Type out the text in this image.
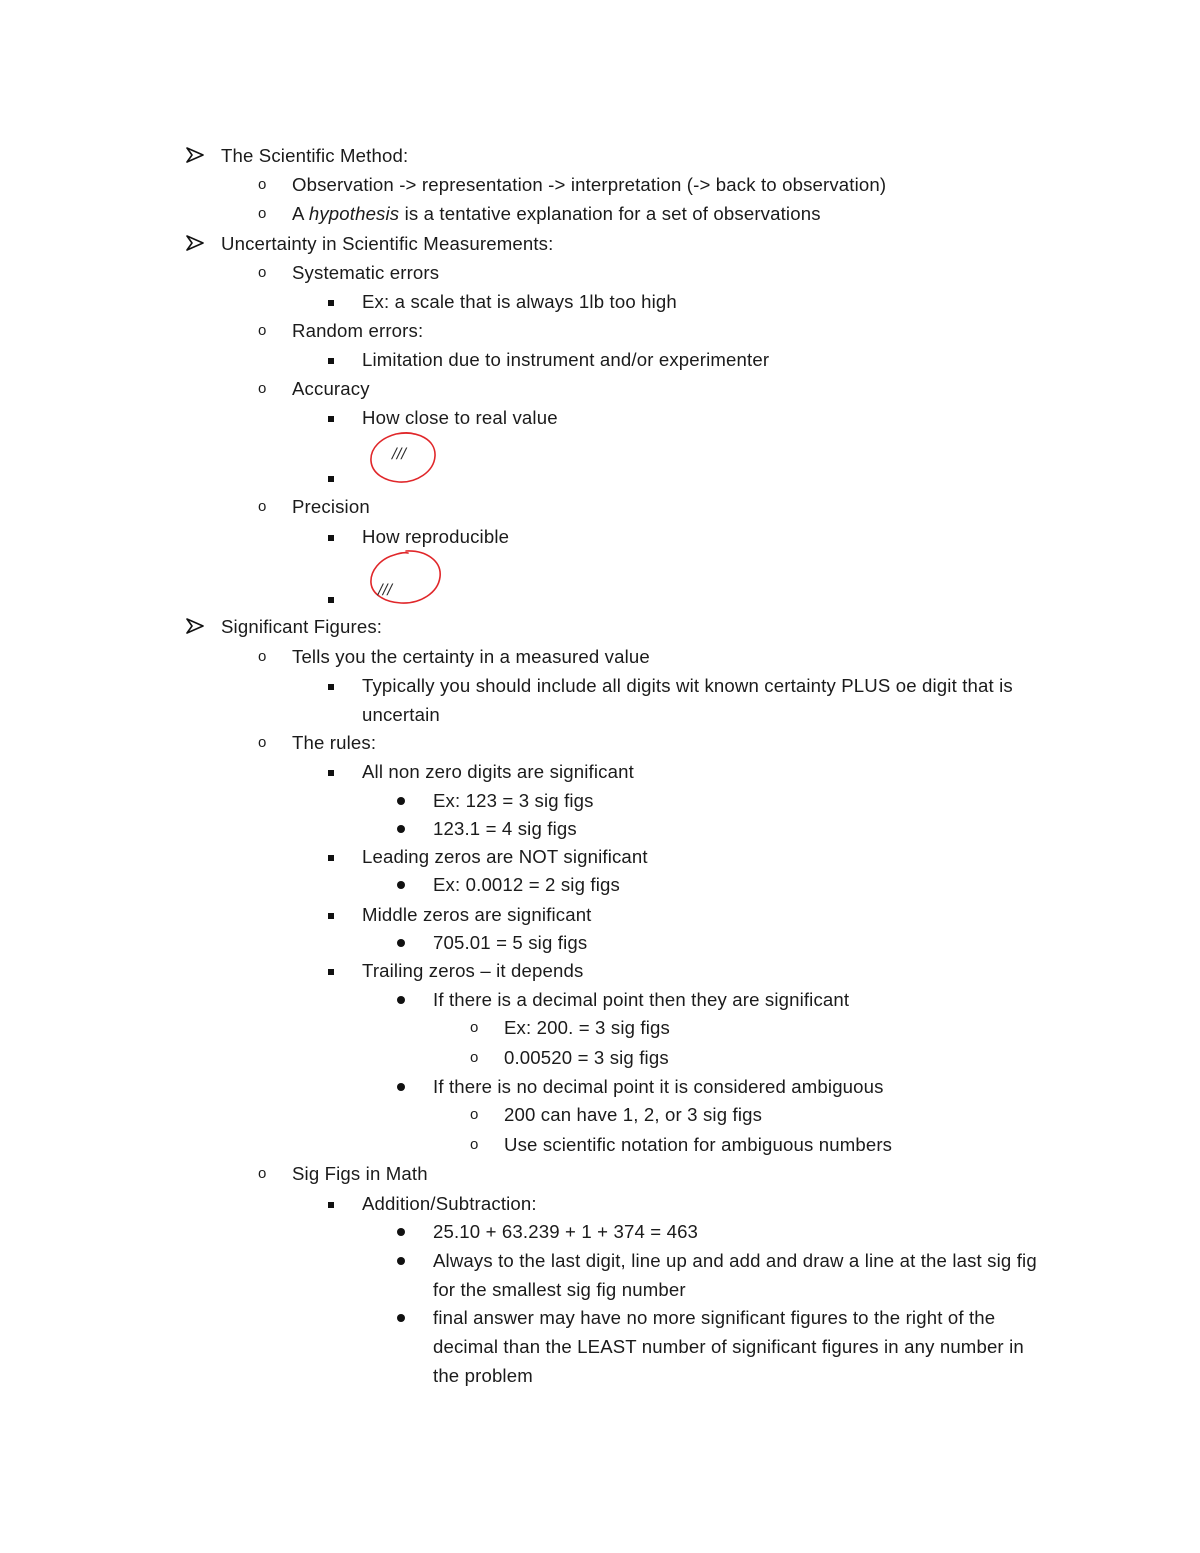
The Scientific Method:
o Observation -> representation -> interpretation (-> back to observation)
o A hypothesis is a tentative explanation for a set of observations
Uncertainty in Scientific Measurements:
o Systematic errors
Ex: a scale that is always 1lb too high
o Random errors:
Limitation due to instrument and/or experimenter
o Accuracy
How close to real value
///
o Precision
How reproducible
///
Significant Figures:
o Tells you the certainty in a measured value
Typically you should include all digits wit known certainty PLUS oe digit that is uncertain
o The rules:
All non zero digits are significant
Ex: 123 = 3 sig figs
123.1 = 4 sig figs
Leading zeros are NOT significant
Ex: 0.0012 = 2 sig figs
Middle zeros are significant
705.01 = 5 sig figs
Trailing zeros – it depends
If there is a decimal point then they are significant
o Ex: 200. = 3 sig figs
o 0.00520 = 3 sig figs
If there is no decimal point it is considered ambiguous
o 200 can have 1, 2, or 3 sig figs
o Use scientific notation for ambiguous numbers
o Sig Figs in Math
Addition/Subtraction:
25.10 + 63.239 + 1 + 374 = 463
Always to the last digit, line up and add and draw a line at the last sig fig for the smallest sig fig number
final answer may have no more significant figures to the right of the decimal than the LEAST number of significant figures in any number in the problem
